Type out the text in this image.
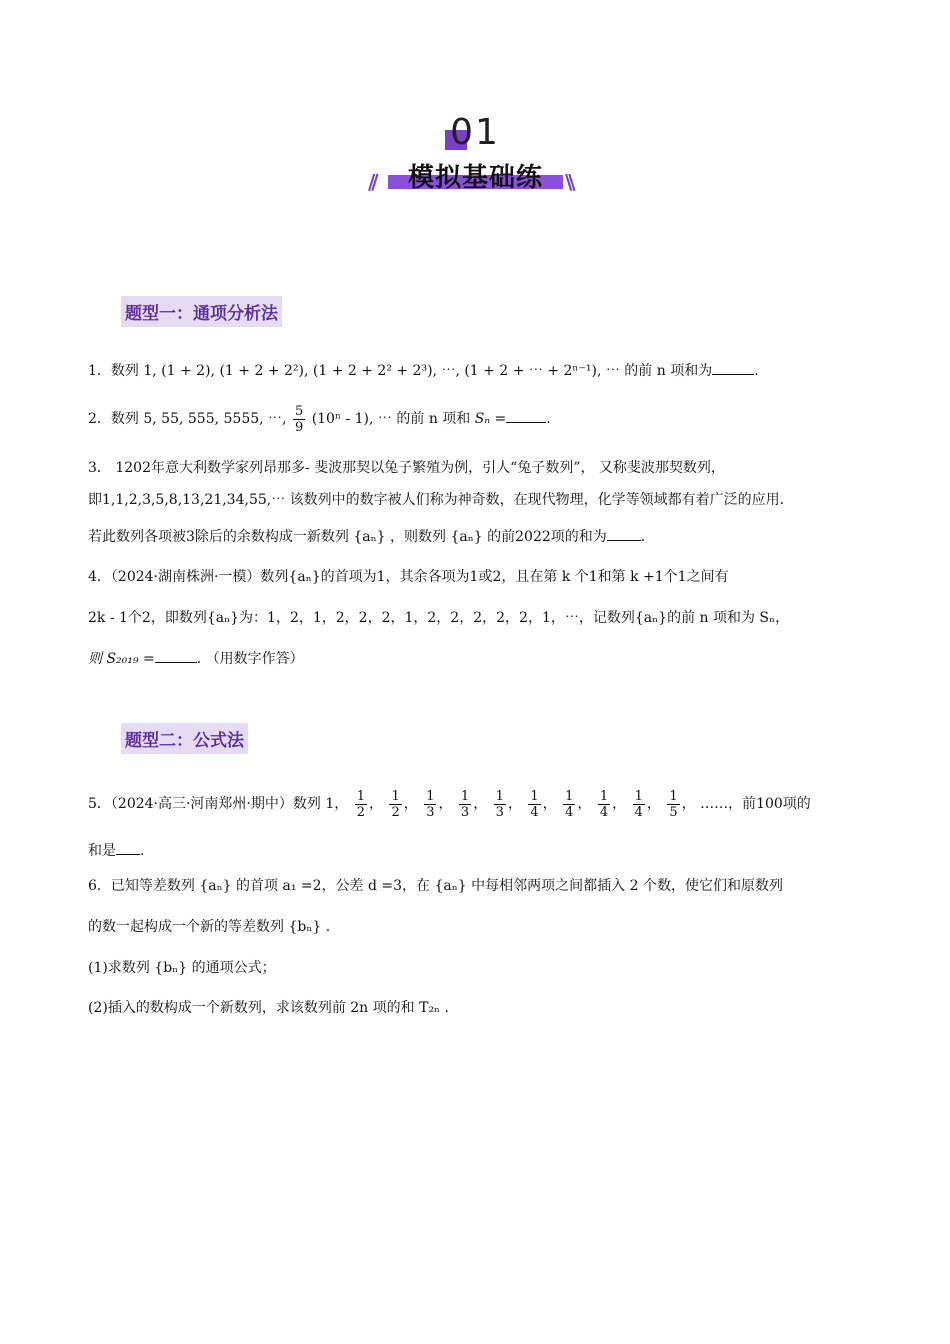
01
//	模拟基础练	\\
题型一：通项分析法
1．数列 1, (1 + 2), (1 + 2 + 2²), (1 + 2 + 2² + 2³), ⋯, (1 + 2 + ⋯ + 2ⁿ⁻¹), ⋯ 的前 n 项和为	.
2．数列 5, 55, 555, 5555, ⋯, $\frac{5}{9} (10^n - 1)$, ⋯ 的前 n 项和 Sₙ =	.
3． 1202年意大利数学家列昂那多- 斐波那契以兔子繁殖为例，引人“兔子数列”， 又称斐波那契数列，
即1,1,2,3,5,8,13,21,34,55,⋯ 该数列中的数字被人们称为神奇数，在现代物理，化学等领域都有着广泛的应用.
若此数列各项被3除后的余数构成一新数列 {aₙ} ，则数列 {aₙ} 的前2022项的和为 .
4．（2024·湖南株洲·一模）数列{aₙ}的首项为1，其余各项为1或2，且在第 k 个1和第 k +1个1之间有
2k - 1个2，即数列{aₙ}为：1，2，1，2，2，2，1，2，2，2，2，2，1，⋯，记数列{aₙ}的前 n 项和为 Sₙ，
则 S₂₀₁₉ =	. （用数字作答）
题型二：公式法
5．（2024·高三·河南郑州·期中）数列 1， $\frac{1}{2}$ ， $\frac{1}{2}$ ， $\frac{1}{3}$ ， $\frac{1}{3}$ ， $\frac{1}{3}$ ， $\frac{1}{4}$ ， $\frac{1}{4}$ ， $\frac{1}{4}$ ， $\frac{1}{4}$ ， $\frac{1}{5}$ ， ……，前100项的
和是 .
6．已知等差数列 {aₙ} 的首项 a₁ =2，公差 d =3，在 {aₙ} 中每相邻两项之间都插入 2 个数，使它们和原数列
的数一起构成一个新的等差数列 {bₙ} .
(1)求数列 {bₙ} 的通项公式；
(2)插入的数构成一个新数列，求该数列前 2n 项的和 T₂ₙ .
